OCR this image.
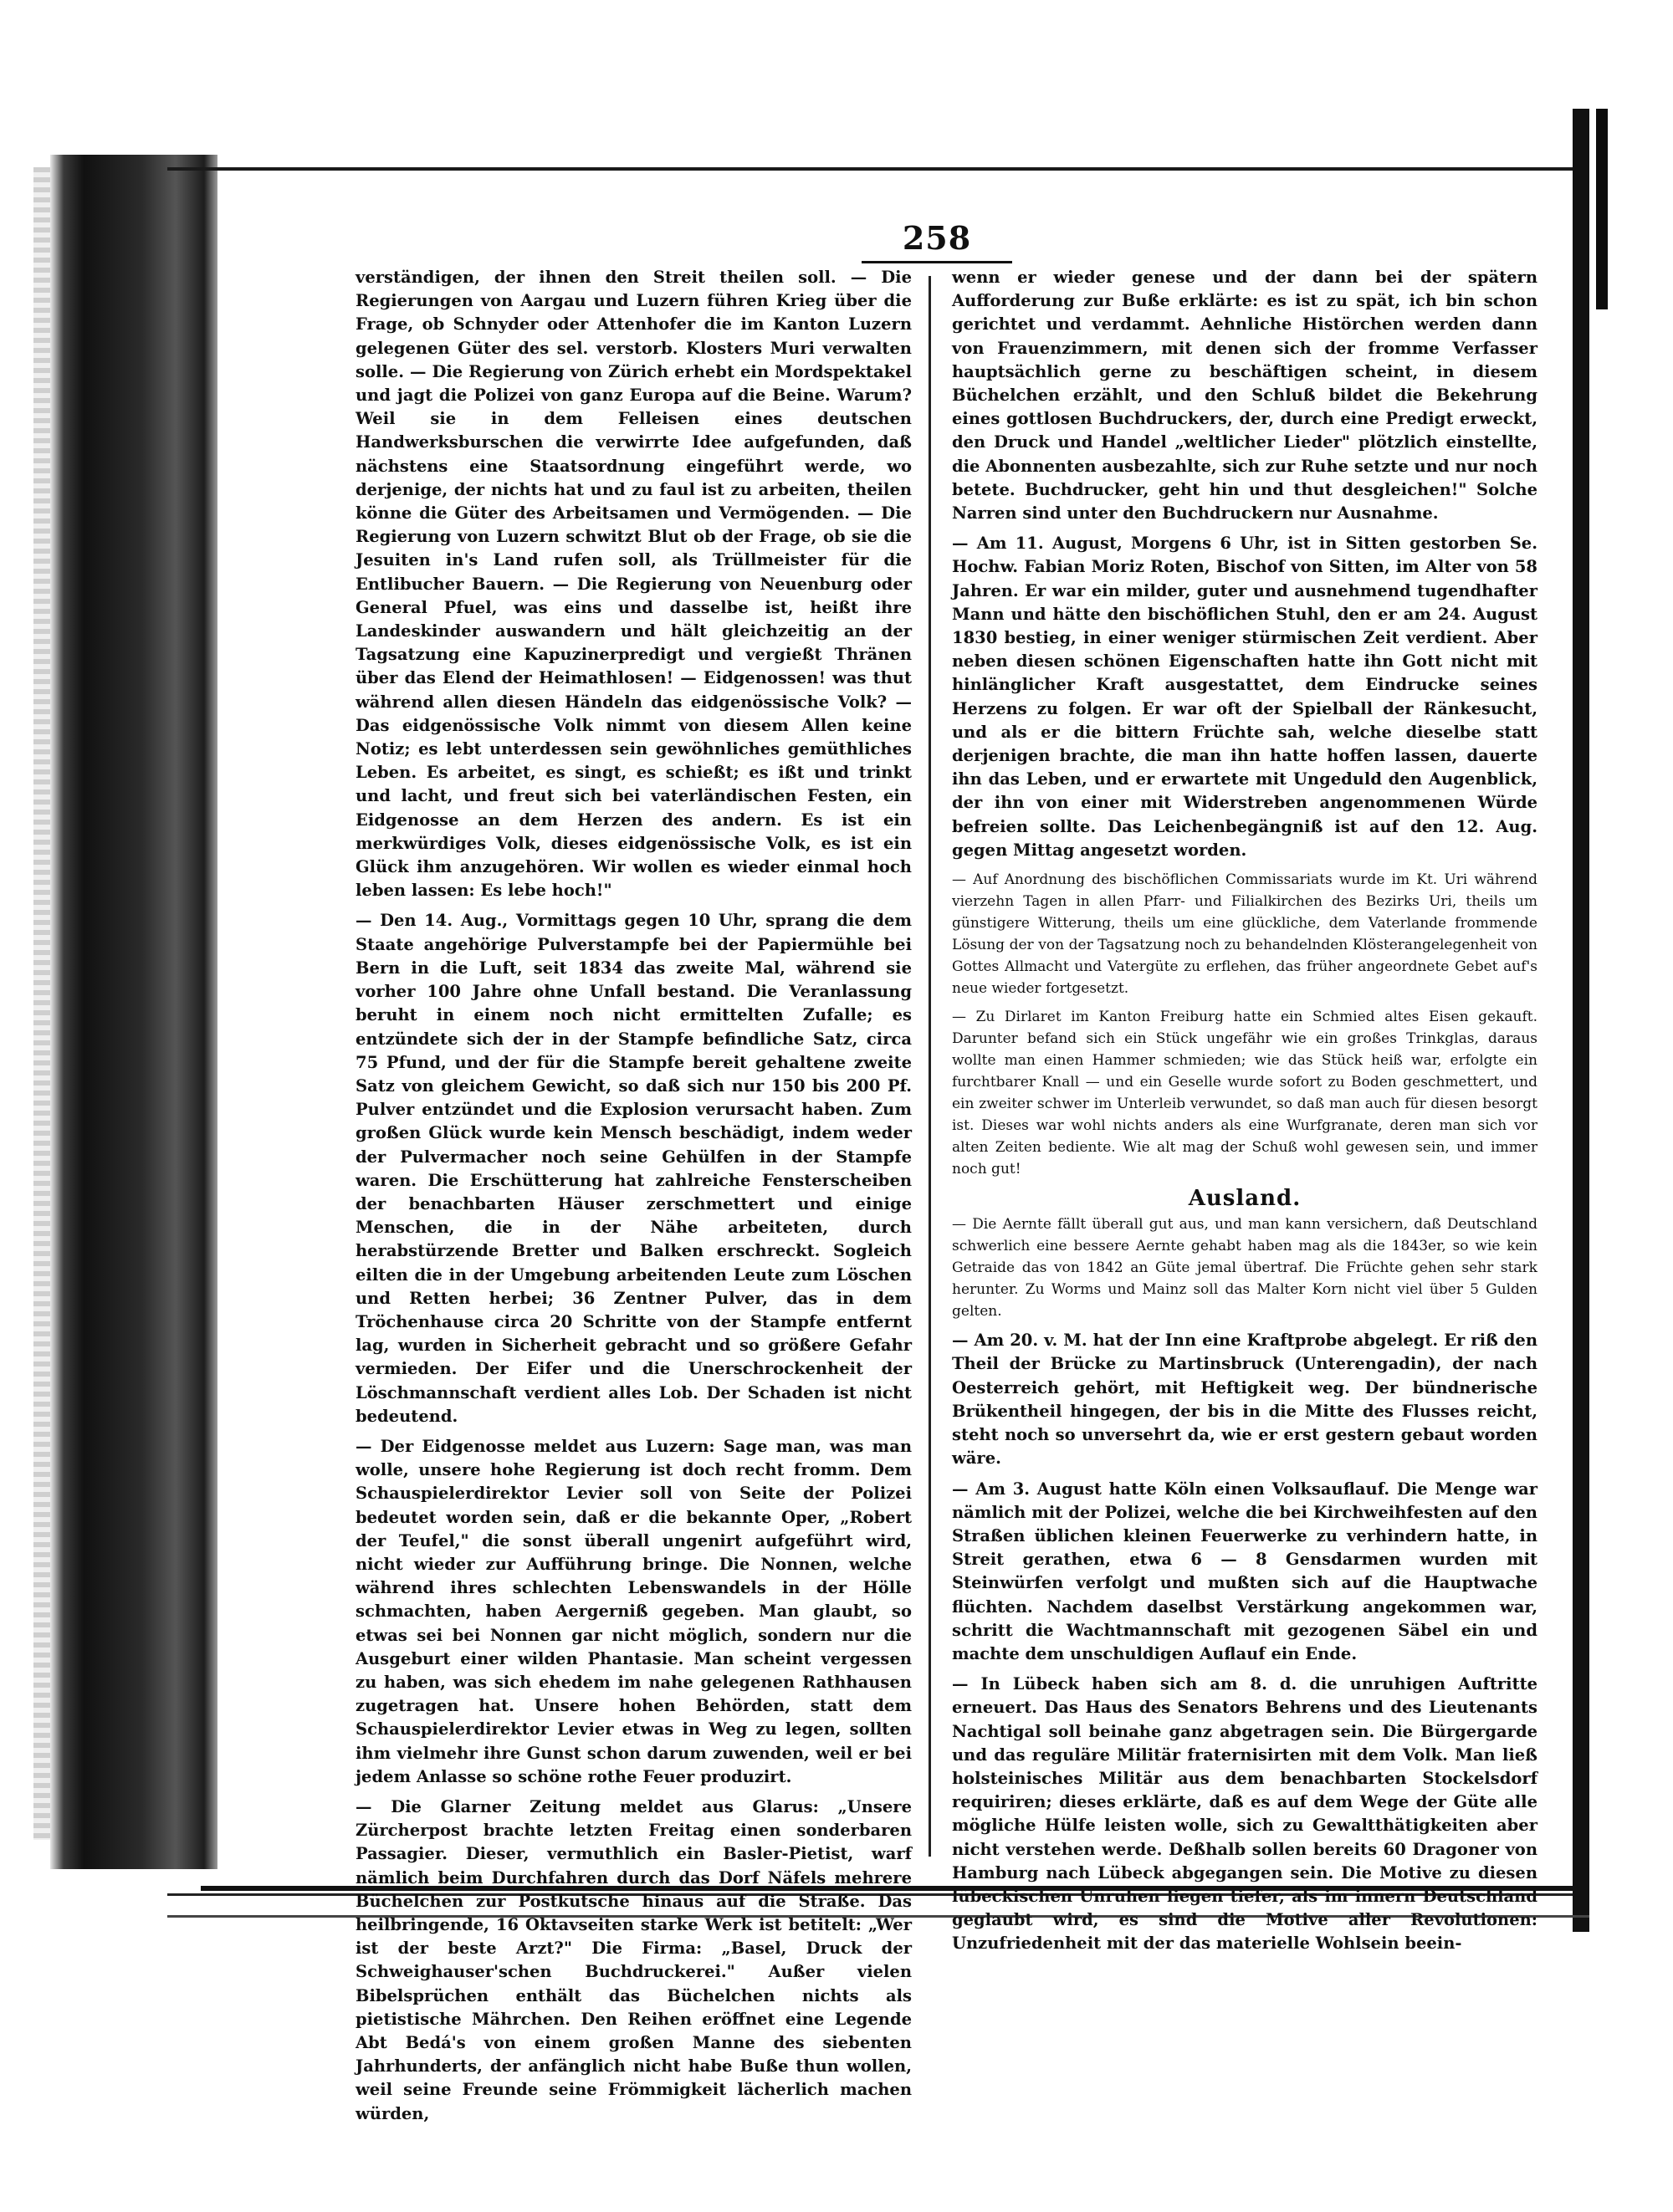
258

verständigen, der ihnen den Streit theilen soll. — Die Regierungen von Aargau und Luzern führen Krieg über die Frage, ob Schnyder oder Attenhofer die im Kanton Luzern gelegenen Güter des sel. verstorb. Klosters Muri verwalten solle. — Die Regierung von Zürich erhebt ein Mordspektakel und jagt die Polizei von ganz Europa auf die Beine. Warum? Weil sie in dem Felleisen eines deutschen Handwerksburschen die verwirrte Idee aufgefunden, daß nächstens eine Staatsordnung eingeführt werde, wo derjenige, der nichts hat und zu faul ist zu arbeiten, theilen könne die Güter des Arbeitsamen und Vermögenden. — Die Regierung von Luzern schwitzt Blut ob der Frage, ob sie die Jesuiten in's Land rufen soll, als Trüllmeister für die Entlibucher Bauern. — Die Regierung von Neuenburg oder General Pfuel, was eins und dasselbe ist, heißt ihre Landeskinder auswandern und hält gleichzeitig an der Tagsatzung eine Kapuzinerpredigt und vergießt Thränen über das Elend der Heimathlosen! — Eidgenossen! was thut während allen diesen Händeln das eidgenössische Volk? — Das eidgenössische Volk nimmt von diesem Allen keine Notiz; es lebt unterdessen sein gewöhnliches gemüthliches Leben. Es arbeitet, es singt, es schießt; es ißt und trinkt und lacht, und freut sich bei vaterländischen Festen, ein Eidgenosse an dem Herzen des andern. Es ist ein merkwürdiges Volk, dieses eidgenössische Volk, es ist ein Glück ihm anzugehören. Wir wollen es wieder einmal hoch leben lassen: Es lebe hoch!"

— Den 14. Aug., Vormittags gegen 10 Uhr, sprang die dem Staate angehörige Pulverstampfe bei der Papiermühle bei Bern in die Luft, seit 1834 das zweite Mal, während sie vorher 100 Jahre ohne Unfall bestand. Die Veranlassung beruht in einem noch nicht ermittelten Zufalle; es entzündete sich der in der Stampfe befindliche Satz, circa 75 Pfund, und der für die Stampfe bereit gehaltene zweite Satz von gleichem Gewicht, so daß sich nur 150 bis 200 Pf. Pulver entzündet und die Explosion verursacht haben. Zum großen Glück wurde kein Mensch beschädigt, indem weder der Pulvermacher noch seine Gehülfen in der Stampfe waren. Die Erschütterung hat zahlreiche Fensterscheiben der benachbarten Häuser zerschmettert und einige Menschen, die in der Nähe arbeiteten, durch herabstürzende Bretter und Balken erschreckt. Sogleich eilten die in der Umgebung arbeitenden Leute zum Löschen und Retten herbei; 36 Zentner Pulver, das in dem Tröchenhause circa 20 Schritte von der Stampfe entfernt lag, wurden in Sicherheit gebracht und so größere Gefahr vermieden. Der Eifer und die Unerschrockenheit der Löschmannschaft verdient alles Lob. Der Schaden ist nicht bedeutend.

— Der Eidgenosse meldet aus Luzern: Sage man, was man wolle, unsere hohe Regierung ist doch recht fromm. Dem Schauspielerdirektor Levier soll von Seite der Polizei bedeutet worden sein, daß er die bekannte Oper, „Robert der Teufel," die sonst überall ungenirt aufgeführt wird, nicht wieder zur Aufführung bringe. Die Nonnen, welche während ihres schlechten Lebenswandels in der Hölle schmachten, haben Aergerniß gegeben. Man glaubt, so etwas sei bei Nonnen gar nicht möglich, sondern nur die Ausgeburt einer wilden Phantasie. Man scheint vergessen zu haben, was sich ehedem im nahe gelegenen Rathhausen zugetragen hat. Unsere hohen Behörden, statt dem Schauspielerdirektor Levier etwas in Weg zu legen, sollten ihm vielmehr ihre Gunst schon darum zuwenden, weil er bei jedem Anlasse so schöne rothe Feuer produzirt.

— Die Glarner Zeitung meldet aus Glarus: „Unsere Zürcherpost brachte letzten Freitag einen sonderbaren Passagier. Dieser, vermuthlich ein Basler-Pietist, warf nämlich beim Durchfahren durch das Dorf Näfels mehrere Büchelchen zur Postkutsche hinaus auf die Straße. Das heilbringende, 16 Oktavseiten starke Werk ist betitelt: „Wer ist der beste Arzt?" Die Firma: „Basel, Druck der Schweighauser'schen Buchdruckerei." Außer vielen Bibelsprüchen enthält das Büchelchen nichts als pietistische Mährchen. Den Reihen eröffnet eine Legende Abt Bedá's von einem großen Manne des siebenten Jahrhunderts, der anfänglich nicht habe Buße thun wollen, weil seine Freunde seine Frömmigkeit lächerlich machen würden,

wenn er wieder genese und der dann bei der spätern Aufforderung zur Buße erklärte: es ist zu spät, ich bin schon gerichtet und verdammt. Aehnliche Histörchen werden dann von Frauenzimmern, mit denen sich der fromme Verfasser hauptsächlich gerne zu beschäftigen scheint, in diesem Büchelchen erzählt, und den Schluß bildet die Bekehrung eines gottlosen Buchdruckers, der, durch eine Predigt erweckt, den Druck und Handel „weltlicher Lieder" plötzlich einstellte, die Abonnenten ausbezahlte, sich zur Ruhe setzte und nur noch betete. Buchdrucker, geht hin und thut desgleichen!" Solche Narren sind unter den Buchdruckern nur Ausnahme.

— Am 11. August, Morgens 6 Uhr, ist in Sitten gestorben Se. Hochw. Fabian Moriz Roten, Bischof von Sitten, im Alter von 58 Jahren. Er war ein milder, guter und ausnehmend tugendhafter Mann und hätte den bischöflichen Stuhl, den er am 24. August 1830 bestieg, in einer weniger stürmischen Zeit verdient. Aber neben diesen schönen Eigenschaften hatte ihn Gott nicht mit hinlänglicher Kraft ausgestattet, dem Eindrucke seines Herzens zu folgen. Er war oft der Spielball der Ränkesucht, und als er die bittern Früchte sah, welche dieselbe statt derjenigen brachte, die man ihn hatte hoffen lassen, dauerte ihn das Leben, und er erwartete mit Ungeduld den Augenblick, der ihn von einer mit Widerstreben angenommenen Würde befreien sollte. Das Leichenbegängniß ist auf den 12. Aug. gegen Mittag angesetzt worden.

— Auf Anordnung des bischöflichen Commissariats wurde im Kt. Uri während vierzehn Tagen in allen Pfarr- und Filialkirchen des Bezirks Uri, theils um günstigere Witterung, theils um eine glückliche, dem Vaterlande frommende Lösung der von der Tagsatzung noch zu behandelnden Klösterangelegenheit von Gottes Allmacht und Vatergüte zu erflehen, das früher angeordnete Gebet auf's neue wieder fortgesetzt.

— Zu Dirlaret im Kanton Freiburg hatte ein Schmied altes Eisen gekauft. Darunter befand sich ein Stück ungefähr wie ein großes Trinkglas, daraus wollte man einen Hammer schmieden; wie das Stück heiß war, erfolgte ein furchtbarer Knall — und ein Geselle wurde sofort zu Boden geschmettert, und ein zweiter schwer im Unterleib verwundet, so daß man auch für diesen besorgt ist. Dieses war wohl nichts anders als eine Wurfgranate, deren man sich vor alten Zeiten bediente. Wie alt mag der Schuß wohl gewesen sein, und immer noch gut!

Ausland.

— Die Aernte fällt überall gut aus, und man kann versichern, daß Deutschland schwerlich eine bessere Aernte gehabt haben mag als die 1843er, so wie kein Getraide das von 1842 an Güte jemal übertraf. Die Früchte gehen sehr stark herunter. Zu Worms und Mainz soll das Malter Korn nicht viel über 5 Gulden gelten.

— Am 20. v. M. hat der Inn eine Kraftprobe abgelegt. Er riß den Theil der Brücke zu Martinsbruck (Unterengadin), der nach Oesterreich gehört, mit Heftigkeit weg. Der bündnerische Brükentheil hingegen, der bis in die Mitte des Flusses reicht, steht noch so unversehrt da, wie er erst gestern gebaut worden wäre.

— Am 3. August hatte Köln einen Volksauflauf. Die Menge war nämlich mit der Polizei, welche die bei Kirchweihfesten auf den Straßen üblichen kleinen Feuerwerke zu verhindern hatte, in Streit gerathen, etwa 6 — 8 Gensdarmen wurden mit Steinwürfen verfolgt und mußten sich auf die Hauptwache flüchten. Nachdem daselbst Verstärkung angekommen war, schritt die Wachtmannschaft mit gezogenen Säbel ein und machte dem unschuldigen Auflauf ein Ende.

— In Lübeck haben sich am 8. d. die unruhigen Auftritte erneuert. Das Haus des Senators Behrens und des Lieutenants Nachtigal soll beinahe ganz abgetragen sein. Die Bürgergarde und das reguläre Militär fraternisirten mit dem Volk. Man ließ holsteinisches Militär aus dem benachbarten Stockelsdorf requiriren; dieses erklärte, daß es auf dem Wege der Güte alle mögliche Hülfe leisten wolle, sich zu Gewaltthätigkeiten aber nicht verstehen werde. Deßhalb sollen bereits 60 Dragoner von Hamburg nach Lübeck abgegangen sein. Die Motive zu diesen lübeckischen Unruhen liegen tiefer, als im innern Deutschland geglaubt wird, es sind die Motive aller Revolutionen: Unzufriedenheit mit der das materielle Wohlsein beein-
